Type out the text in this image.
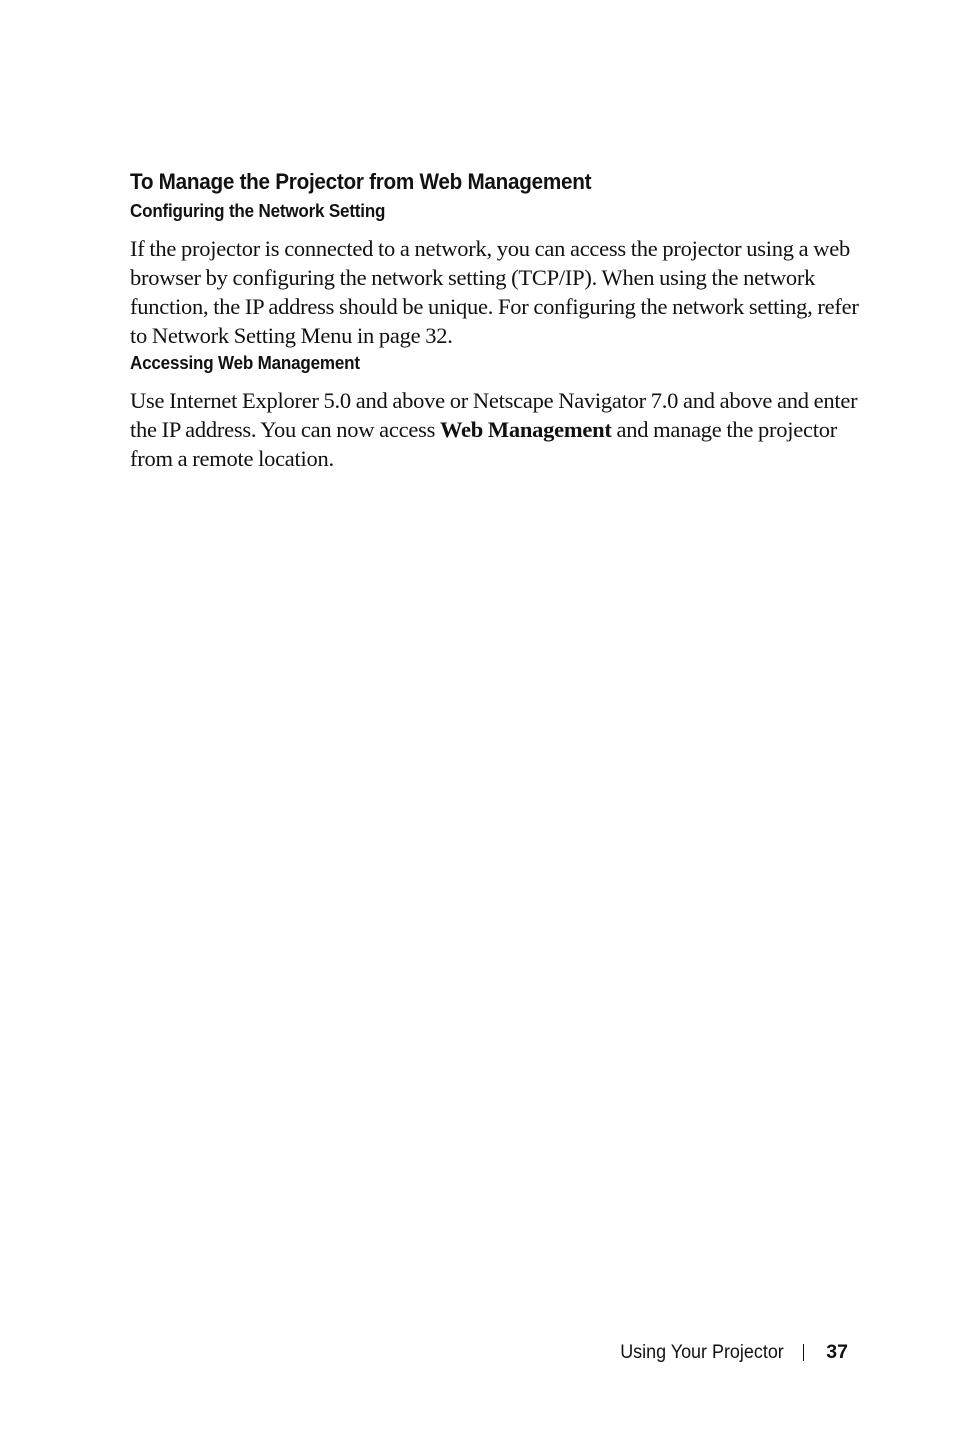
To Manage the Projector from Web Management
Configuring the Network Setting

If the projector is connected to a network, you can access the projector using a web browser by configuring the network setting (TCP/IP). When using the network function, the IP address should be unique. For configuring the network setting, refer to Network Setting Menu in page 32.

Accessing Web Management

Use Internet Explorer 5.0 and above or Netscape Navigator 7.0 and above and enter the IP address. You can now access Web Management and manage the projector from a remote location.

Using Your Projector 37
